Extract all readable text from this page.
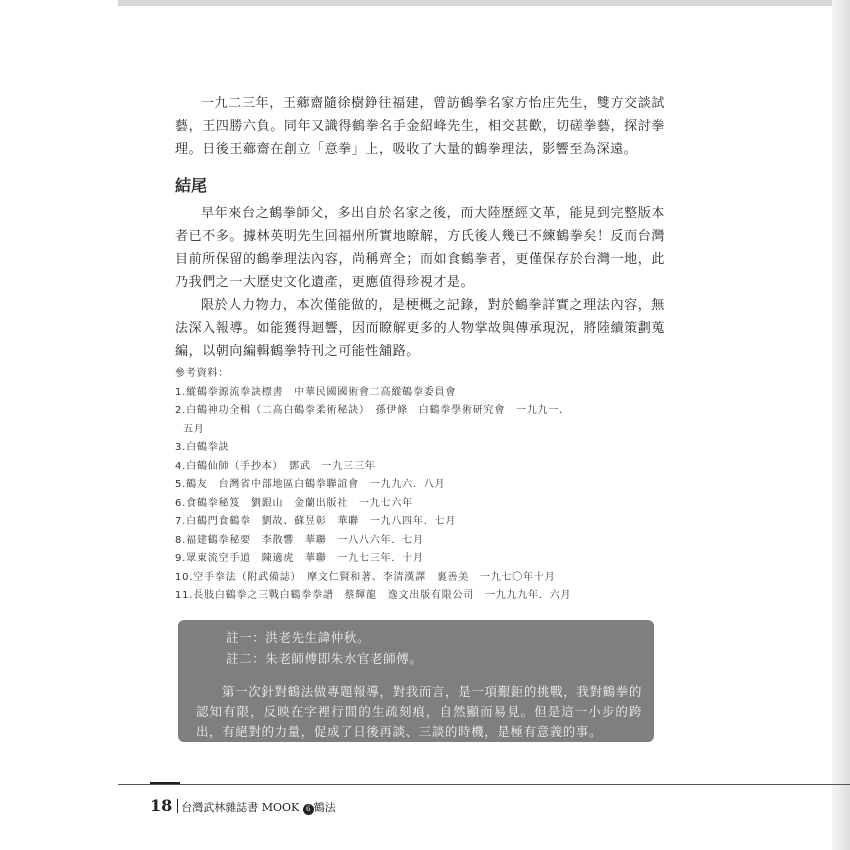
一九二三年，王薌齋隨徐樹錚往福建，曾訪鶴拳名家方怡庄先生，雙方交談試藝，王四勝六負。同年又識得鶴拳名手金紹峰先生，相交甚歡，切磋拳藝，探討拳理。日後王薌齋在創立「意拳」上，吸收了大量的鶴拳理法，影響至為深遠。

結尾

早年來台之鶴拳師父，多出自於名家之後，而大陸歷經文革，能見到完整版本者已不多。據林英明先生回福州所實地瞭解，方氏後人幾已不練鶴拳矣！反而台灣目前所保留的鶴拳理法內容，尚稱齊全；而如食鶴拳者，更僅保存於台灣一地，此乃我們之一大歷史文化遺產，更應值得珍視才是。

限於人力物力，本次僅能做的，是梗概之記錄，對於鶴拳詳實之理法內容，無法深入報導。如能獲得迴響，因而瞭解更多的人物掌故與傳承現況，將陸續策劃蒐編，以朝向編輯鶴拳特刊之可能性舖路。

參考資料：
1.縱鶴拳源流拳訣標書　中華民國國術會二高縱鶴拳委員會
2.白鶴神功全輯（二高白鶴拳柔術秘訣）　孫伊條　白鶴拳學術研究會　一九九一．
五月
3.白鶴拳訣
4.白鶴仙師（手抄本）　鄧武　一九三三年
5.鶴友　台灣省中部地區白鶴拳聯誼會　一九九六．八月
6.食鶴拳秘笈　劉銀山　金蘭出版社　一九七六年
7.白鶴門食鶴拳　劉故、蘇昱彰　華聯　一九八四年．七月
8.福建鶴拳秘要　李散響　華聯　一八八六年．七月
9.眾東流空手道　陳適虎　華聯　一九七三年．十月
10.空手拳法（附武備誌）　摩文仁賢和著、李清漢譯　裏善美　一九七〇年十月
11.長肢白鶴拳之三戰白鶴拳拳譜　蔡輝龍　逸文出版有限公司　一九九九年．六月
註一：洪老先生諱仲秋。
註二：朱老師傅即朱水官老師傅。
第一次針對鶴法做專題報導，對我而言，是一項艱鉅的挑戰，我對鶴拳的認知有限，反映在字裡行間的生疏刻痕，自然顯而易見。但是這一小步的跨出，有絕對的力量，促成了日後再談、三談的時機，是極有意義的事。
18 台灣武林雜誌書 MOOK 6 鶴法
